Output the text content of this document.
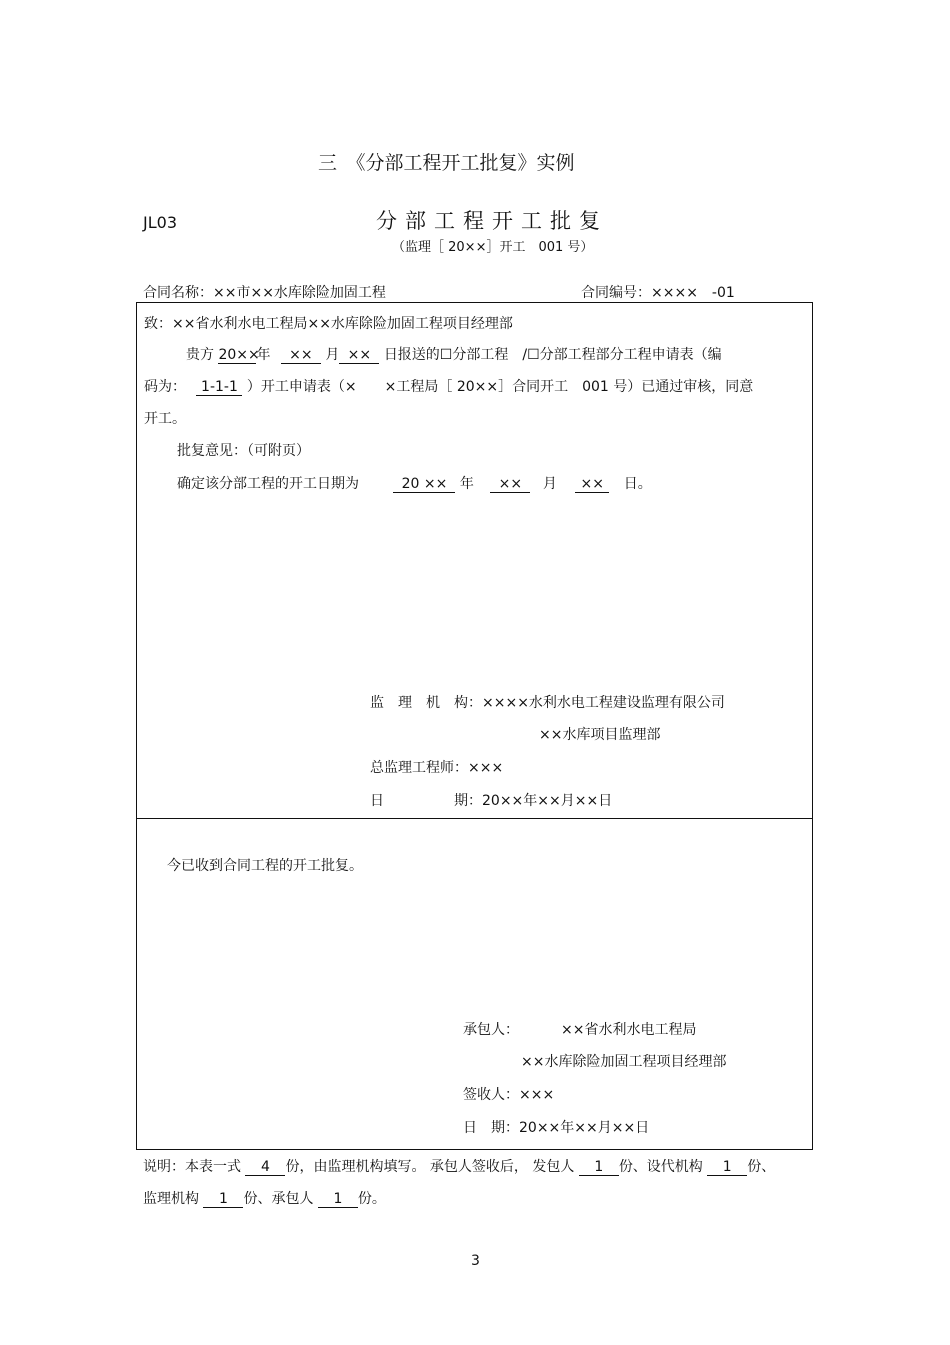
三　《分部工程开工批复》实例
JL03	分部工程开工批复
（监理［ 20××］开工　001 号）
合同名称：××市××水库除险加固工程	合同编号：××××　-01
致：××省水利水电工程局××水库除险加固工程项目经理部
贵方 20××年 ×× 月 ×× 日报送的☐分部工程　/☐分部工程部分工程申请表（编
码为： 1-1-1 ）开工申请表（×　　×工程局［ 20××］合同开工　001 号）已通过审核，同意
开工。
批复意见：（可附页）
确定该分部工程的开工日期为	20 ×× 年 ×× 月 ×× 日。
监　理　机　构：××××水利水电工程建设监理有限公司
××水库项目监理部
总监理工程师：×××
日　　　　　期：20××年××月××日
今已收到合同工程的开工批复。
承包人：	××省水利水电工程局
××水库除险加固工程项目经理部
签收人：×××
日　期：20××年××月××日
说明：本表一式 4 份，由监理机构填写。 承包人签收后， 发包人 1 份、设代机构 1 份、
监理机构 1 份、承包人 1 份。
3
